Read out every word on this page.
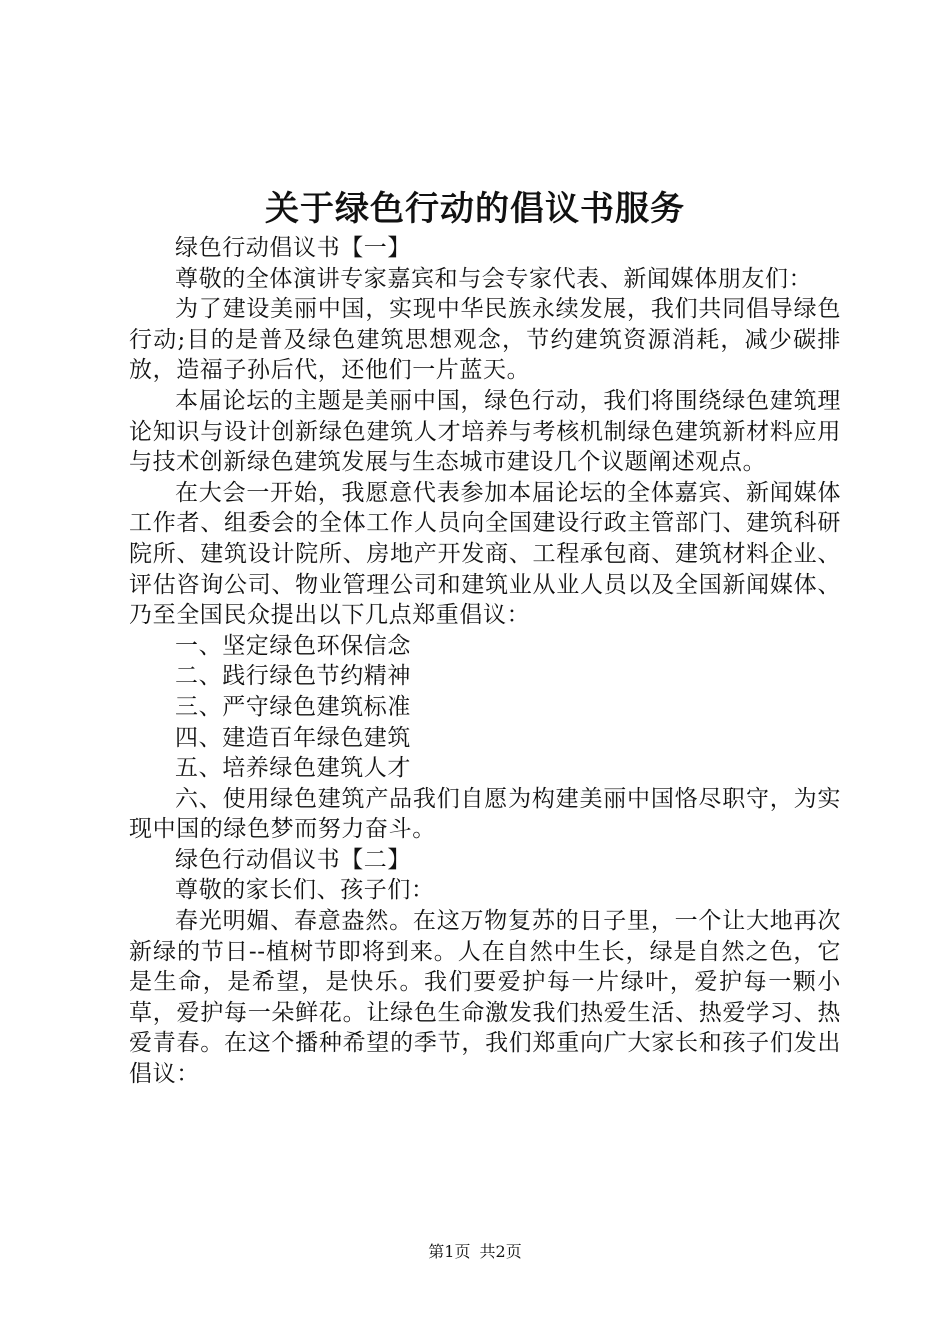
关于绿色行动的倡议书服务

绿色行动倡议书【一】

尊敬的全体演讲专家嘉宾和与会专家代表、新闻媒体朋友们：

为了建设美丽中国，实现中华民族永续发展，我们共同倡导绿色行动;目的是普及绿色建筑思想观念，节约建筑资源消耗，减少碳排放，造福子孙后代，还他们一片蓝天。

本届论坛的主题是美丽中国，绿色行动，我们将围绕绿色建筑理论知识与设计创新绿色建筑人才培养与考核机制绿色建筑新材料应用与技术创新绿色建筑发展与生态城市建设几个议题阐述观点。

在大会一开始，我愿意代表参加本届论坛的全体嘉宾、新闻媒体工作者、组委会的全体工作人员向全国建设行政主管部门、建筑科研院所、建筑设计院所、房地产开发商、工程承包商、建筑材料企业、评估咨询公司、物业管理公司和建筑业从业人员以及全国新闻媒体、乃至全国民众提出以下几点郑重倡议：

一、坚定绿色环保信念

二、践行绿色节约精神

三、严守绿色建筑标准

四、建造百年绿色建筑

五、培养绿色建筑人才

六、使用绿色建筑产品我们自愿为构建美丽中国恪尽职守，为实现中国的绿色梦而努力奋斗。

绿色行动倡议书【二】

尊敬的家长们、孩子们：

春光明媚、春意盎然。在这万物复苏的日子里，一个让大地再次新绿的节日--植树节即将到来。人在自然中生长，绿是自然之色，它是生命，是希望，是快乐。我们要爱护每一片绿叶，爱护每一颗小草，爱护每一朵鲜花。让绿色生命激发我们热爱生活、热爱学习、热爱青春。在这个播种希望的季节，我们郑重向广大家长和孩子们发出倡议：

第1页 共2页
